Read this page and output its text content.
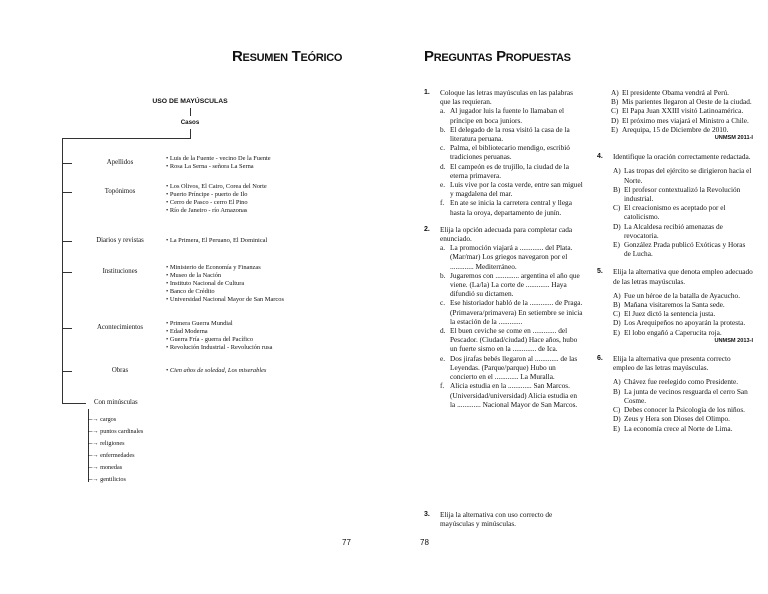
Resumen Teórico
USO DE MAYÚSCULAS
Casos
Apellidos
• Luis de la Fuente - vecino De la Fuente
• Rosa La Serna - señora La Serna
Topónimos
• Los Olivos, El Cairo, Corea del Norte
• Puerto Príncipe - puerto de Ilo
• Cerro de Pasco - cerro El Pino
• Río de Janeiro - río Amazonas
Diarios y revistas	• La Primera, El Peruano, El Dominical
Instituciones
• Ministerio de Economía y Finanzas
• Museo de la Nación
• Instituto Nacional de Cultura
• Banco de Crédito
• Universidad Nacional Mayor de San Marcos
Acontecimientos
• Primera Guerra Mundial
• Edad Moderna
• Guerra Fría - guerra del Pacífico
• Revolución Industrial - Revolución rusa
Obras	• Cien años de soledad, Los miserables
Con minúsculas
─→ cargos
─→ puntos cardinales
─→ religiones
─→ enfermedades
─→ monedas
─→ gentilicios
77
Preguntas Propuestas
1. Coloque las letras mayúsculas en las palabras que las requieran.
a. Al jugador luis la fuente lo llamaban el príncipe en boca juniors.
b. El delegado de la rosa visitó la casa de la literatura peruana.
c. Palma, el bibliotecario mendigo, escribió tradiciones peruanas.
d. El campeón es de trujillo, la ciudad de la eterna primavera.
e. Luis vive por la costa verde, entre san miguel y magdalena del mar.
f. En ate se inicia la carretera central y llega hasta la oroya, departamento de junín.
2. Elija la opción adecuada para completar cada enunciado.
a. La promoción viajará a ............. del Plata. (Mar/mar) Los griegos navegaron por el ............. Mediterráneo.
b. Jugaremos con ............. argentina el año que viene. (La/la) La corte de ............. Haya difundió su dictamen.
c. Ese historiador habló de la ............. de Praga. (Primavera/primavera) En setiembre se inicia la estación de la .............
d. El buen ceviche se come en ............. del Pescador. (Ciudad/ciudad) Hace años, hubo un fuerte sismo en la ............. de Ica.
e. Dos jirafas bebés llegaron al ............. de las Leyendas. (Parque/parque) Hubo un concierto en el ............. La Muralla.
f. Alicia estudia en la ............. San Marcos. (Universidad/universidad) Alicia estudia en la ............. Nacional Mayor de San Marcos.
3. Elija la alternativa con uso correcto de mayúsculas y minúsculas.
78
A) El presidente Obama vendrá al Perú.
B) Mis parientes llegaron al Oeste de la ciudad.
C) El Papa Juan XXIII visitó Latinoamérica.
D) El próximo mes viajará el Ministro a Chile.
E) Arequipa, 15 de Diciembre de 2010.
UNMSM 2011-I
4. Identifique la oración correctamente redactada.
A) Las tropas del ejército se dirigieron hacia el Norte.
B) El profesor contextualizó la Revolución industrial.
C) El creacionismo es aceptado por el catolicismo.
D) La Alcaldesa recibió amenazas de revocatoria.
E) González Prada publicó Exóticas y Horas de Lucha.
5. Elija la alternativa que denota empleo adecuado de las letras mayúsculas.
A) Fue un héroe de la batalla de Ayacucho.
B) Mañana visitaremos la Santa sede.
C) El Juez dictó la sentencia justa.
D) Los Arequipeños no apoyarán la protesta.
E) El lobo engañó a Caperucita roja.
UNMSM 2013-I
6. Elija la alternativa que presenta correcto empleo de las letras mayúsculas.
A) Chávez fue reelegido como Presidente.
B) La junta de vecinos resguarda el cerro San Cosme.
C) Debes conocer la Psicología de los niños.
D) Zeus y Hera son Dioses del Olimpo.
E) La economía crece al Norte de Lima.
